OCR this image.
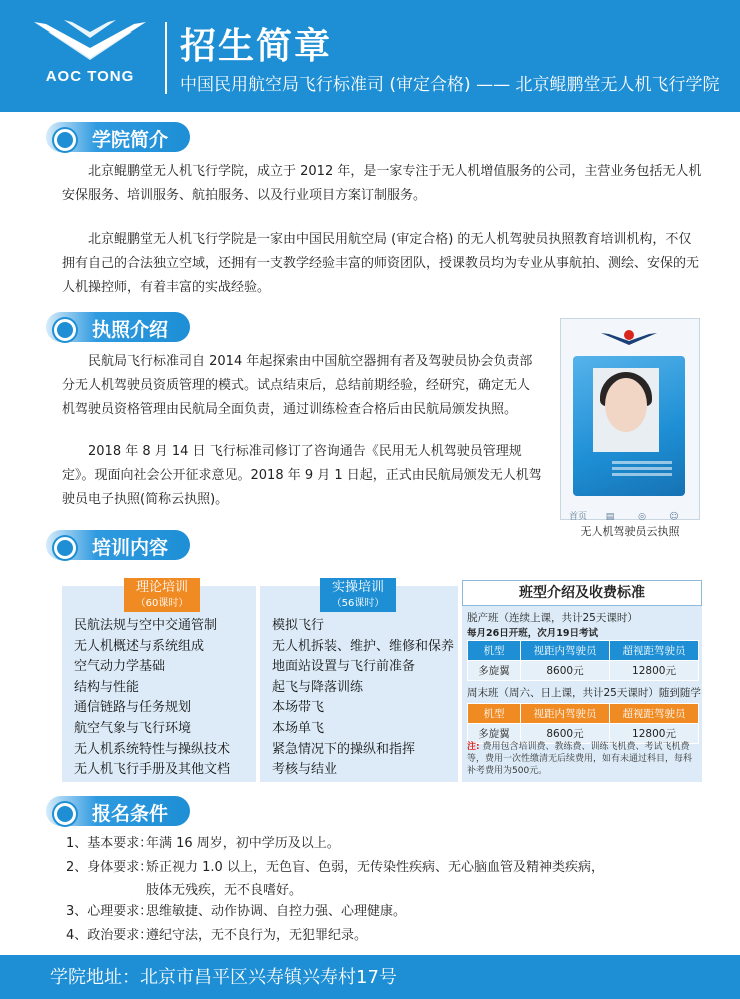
AOC TONG
招生简章
中国民用航空局飞行标准司 (审定合格) —— 北京鲲鹏堂无人机飞行学院
学院简介
北京鲲鹏堂无人机飞行学院，成立于 2012 年，是一家专注于无人机增值服务的公司，主营业务包括无人机安保服务、培训服务、航拍服务、以及行业项目方案订制服务。
北京鲲鹏堂无人机飞行学院是一家由中国民用航空局 (审定合格) 的无人机驾驶员执照教育培训机构，不仅拥有自己的合法独立空域，还拥有一支教学经验丰富的师资团队，授课教员均为专业从事航拍、测绘、安保的无人机操控师，有着丰富的实战经验。
执照介绍
民航局飞行标准司自 2014 年起探索由中国航空器拥有者及驾驶员协会负责部分无人机驾驶员资质管理的模式。试点结束后，总结前期经验，经研究，确定无人机驾驶员资格管理由民航局全面负责，通过训练检查合格后由民航局颁发执照。
2018 年 8 月 14 日 飞行标准司修订了咨询通告《民用无人机驾驶员管理规定》。现面向社会公开征求意见。2018 年 9 月 1 日起，正式由民航局颁发无人机驾驶员电子执照(简称云执照)。
首页 ▤	◎	☺
无人机驾驶员云执照
培训内容
理论培训
（60课时）
民航法规与空中交通管制
无人机概述与系统组成
空气动力学基础
结构与性能
通信链路与任务规划
航空气象与飞行环境
无人机系统特性与操纵技术
无人机飞行手册及其他文档
实操培训
（56课时）
模拟飞行
无人机拆装、维护、维修和保养
地面站设置与飞行前准备
起飞与降落训练
本场带飞
本场单飞
紧急情况下的操纵和指挥
考核与结业
班型介绍及收费标准
脱产班（连续上课，共计25天课时）
每月26日开班，次月19日考试
机型	视距内驾驶员	超视距驾驶员
多旋翼	8600元	12800元
周末班（周六、日上课，共计25天课时）随到随学
机型	视距内驾驶员	超视距驾驶员
多旋翼	8600元	12800元
注: 费用包含培训费、教练费、训练飞机费、考试飞机费等，费用一次性缴清无后续费用，如有未通过科目，每科补考费用为500元。
报名条件
1、基本要求：
年满 16 周岁，初中学历及以上。
2、身体要求：
矫正视力 1.0 以上，无色盲、色弱，无传染性疾病、无心脑血管及精神类疾病，肢体无残疾，无不良嗜好。
3、心理要求：
思维敏捷、动作协调、自控力强、心理健康。
4、政治要求：
遵纪守法，无不良行为，无犯罪纪录。
学院地址：北京市昌平区兴寿镇兴寿村17号
